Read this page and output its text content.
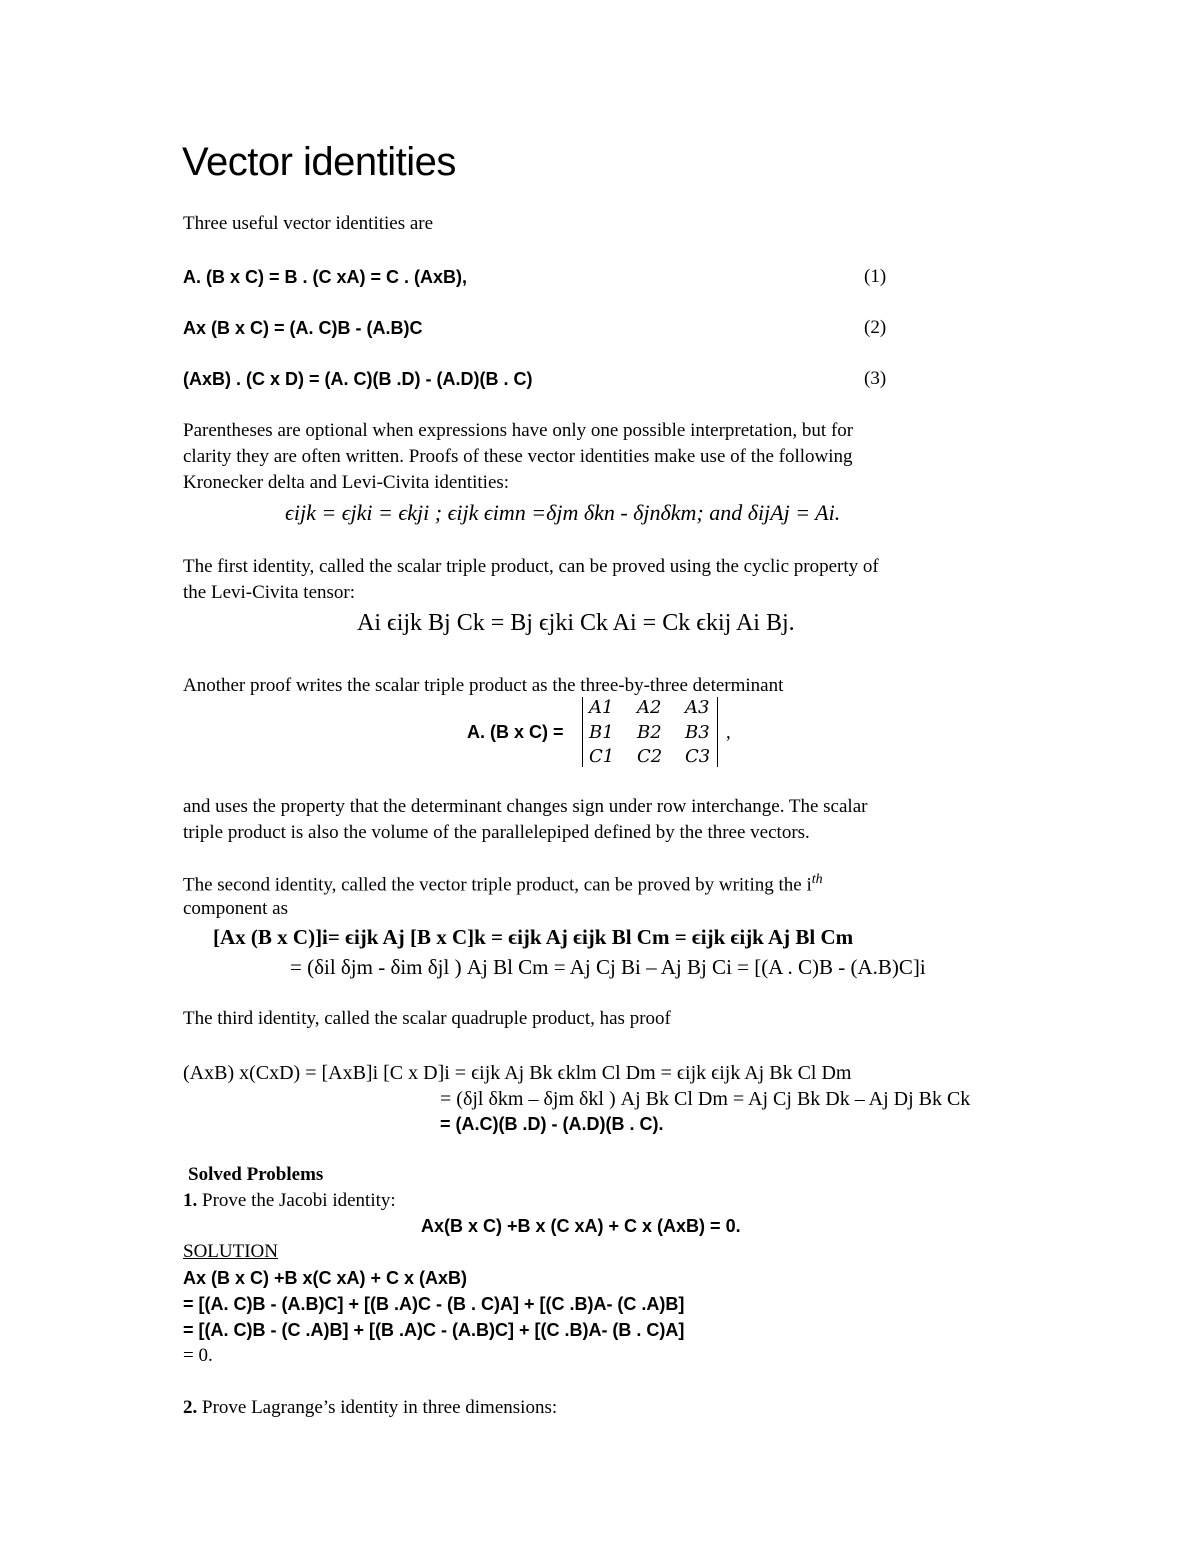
Vector identities
Three useful vector identities are
A. (B x C) = B . (C xA) = C . (AxB),	(1)
Ax (B x C) = (A. C)B - (A.B)C	(2)
(AxB) . (C x D) = (A. C)(B .D) - (A.D)(B . C)	(3)
Parentheses are optional when expressions have only one possible interpretation, but for
clarity they are often written. Proofs of these vector identities make use of the following
Kronecker delta and Levi-Civita identities:
ϵijk = ϵjki = ϵkji ; ϵijk ϵimn =δjm δkn - δjnδkm; and δijAj = Ai.
The first identity, called the scalar triple product, can be proved using the cyclic property of
the Levi-Civita tensor:
Ai ϵijk Bj Ck = Bj ϵjki Ck Ai = Ck ϵkij Ai Bj.
Another proof writes the scalar triple product as the three-by-three determinant
A. (B x C) =
A1 A2 A3
B1 B2 B3
C1 C2 C3
,
and uses the property that the determinant changes sign under row interchange. The scalar
triple product is also the volume of the parallelepiped defined by the three vectors.
The second identity, called the vector triple product, can be proved by writing the $i^{th}$
component as
[Ax (B x C)]i= ϵijk Aj [B x C]k = ϵijk Aj ϵijk Bl Cm = ϵijk ϵijk Aj Bl Cm
= (δil δjm - δim δjl ) Aj Bl Cm = Aj Cj Bi – Aj Bj Ci = [(A . C)B - (A.B)C]i
The third identity, called the scalar quadruple product, has proof
(AxB) x(CxD) = [AxB]i [C x D]i = ϵijk Aj Bk ϵklm Cl Dm = ϵijk ϵijk Aj Bk Cl Dm
= (δjl δkm – δjm δkl ) Aj Bk Cl Dm = Aj Cj Bk Dk – Aj Dj Bk Ck
= (A.C)(B .D) - (A.D)(B . C).
Solved Problems
1. Prove the Jacobi identity:
Ax(B x C) +B x (C xA) + C x (AxB) = 0.
SOLUTION
Ax (B x C) +B x(C xA) + C x (AxB)
= [(A. C)B - (A.B)C] + [(B .A)C - (B . C)A] + [(C .B)A- (C .A)B]
= [(A. C)B - (C .A)B] + [(B .A)C - (A.B)C] + [(C .B)A- (B . C)A]
= 0.
2. Prove Lagrange’s identity in three dimensions:
